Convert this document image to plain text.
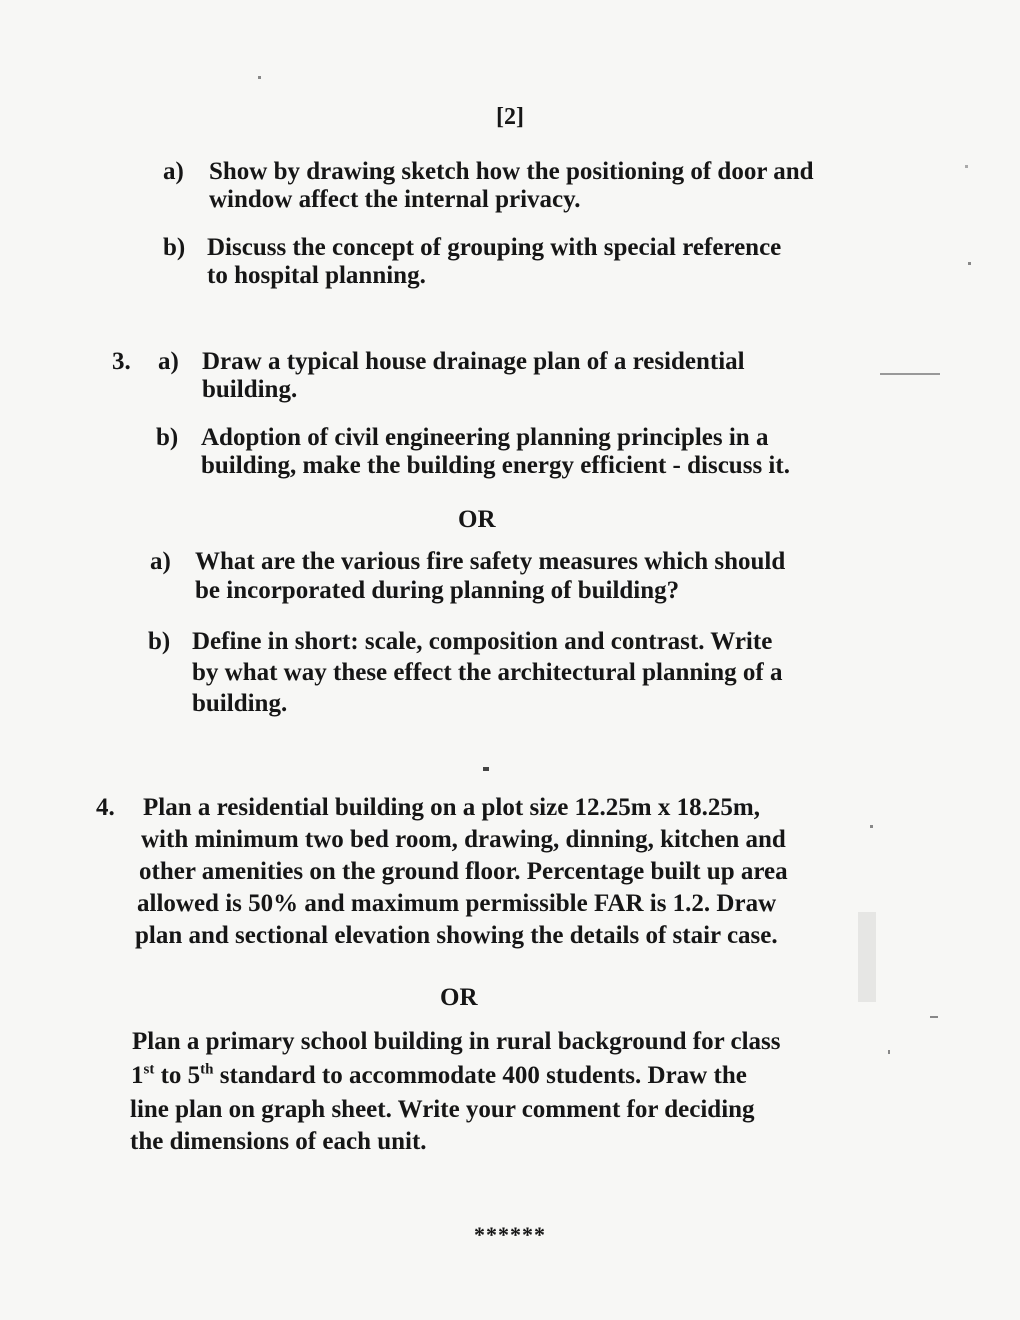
[2]
a) Show by drawing sketch how the positioning of door and
window affect the internal privacy.
b) Discuss the concept of grouping with special reference
to hospital planning.
3. a) Draw a typical house drainage plan of a residential
building.
b) Adoption of civil engineering planning principles in a
building, make the building energy efficient - discuss it.
OR
a) What are the various fire safety measures which should
be incorporated during planning of building?
b) Define in short: scale, composition and contrast. Write
by what way these effect the architectural planning of a
building.
4. Plan a residential building on a plot size 12.25m x 18.25m,
with minimum two bed room, drawing, dinning, kitchen and
other amenities on the ground floor. Percentage built up area
allowed is 50% and maximum permissible FAR is 1.2. Draw
plan and sectional elevation showing the details of stair case.
OR
Plan a primary school building in rural background for class
1st to 5th standard to accommodate 400 students. Draw the
line plan on graph sheet. Write your comment for deciding
the dimensions of each unit.
******
